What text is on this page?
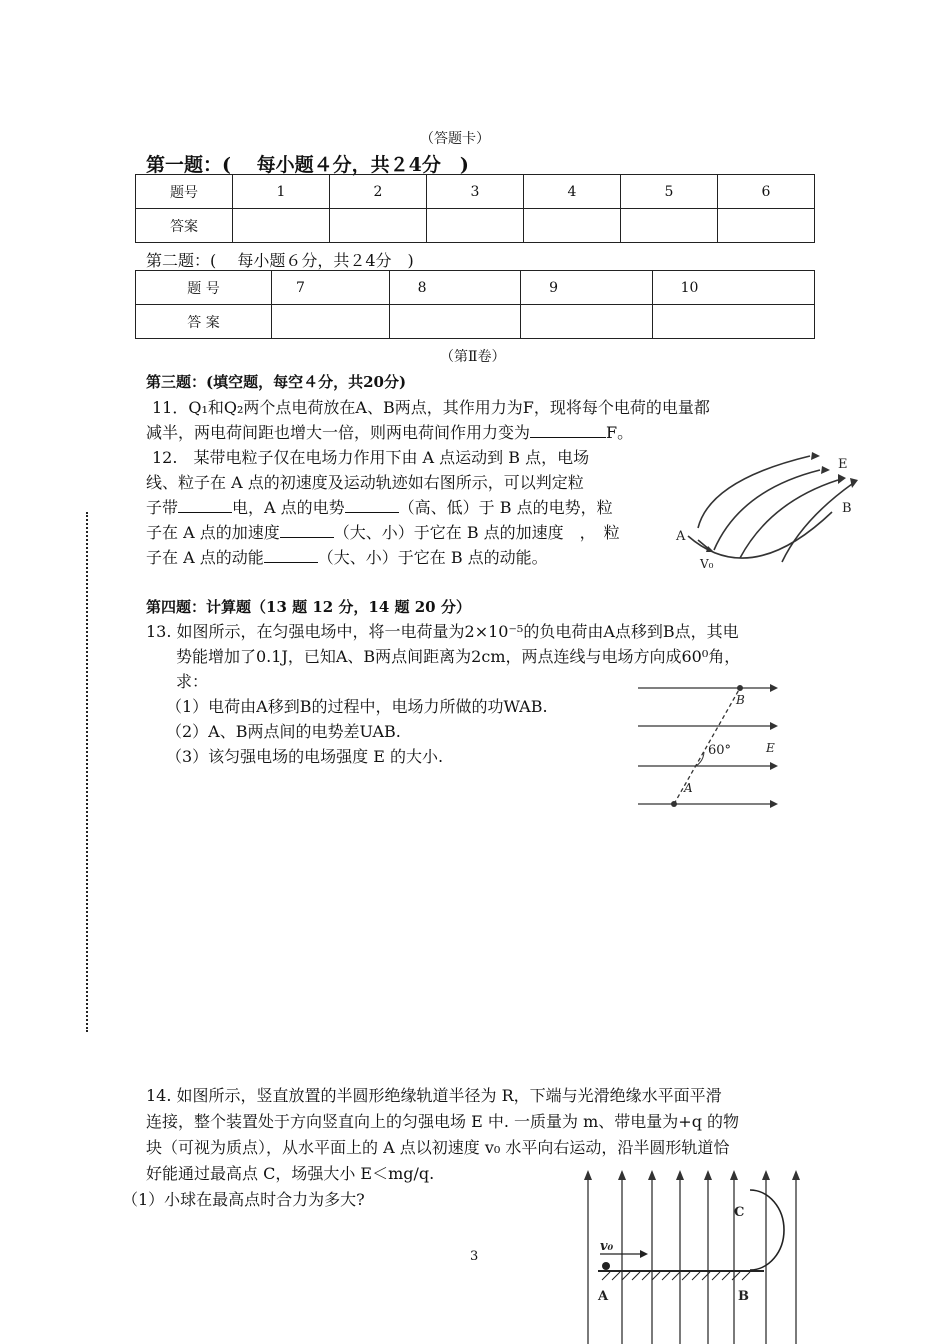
（答题卡）
第一题：(　 每小题４分，共２4分　)
题号	1	2	3	4	5	6
答案						
第二题：(　 每小题６分，共２4分　)
题 号	7	8	9	10
答 案				
（第Ⅱ卷）
第三题：(填空题，每空４分，共20分)
11．Q₁和Q₂两个点电荷放在A、B两点，其作用力为F，现将每个电荷的电量都
减半，两电荷间距也增大一倍，则两电荷间作用力变为	F。
12.　某带电粒子仅在电场力作用下由 A 点运动到 B 点，电场
线、粒子在 A 点的初速度及运动轨迹如右图所示，可以判定粒
子带	电，A 点的电势	（高、低）于 B 点的电势，粒
子在 A 点的加速度	（大、小）于它在 B 点的加速度　，　粒
子在 A 点的动能	（大、小）于它在 B 点的动能。
E
B
A
V₀
第四题：计算题（13 题 12 分，14 题 20 分）
13. 如图所示，在匀强电场中，将一电荷量为2×10⁻⁵的负电荷由A点移到B点，其电
势能增加了0.1J，已知A、B两点间距离为2cm，两点连线与电场方向成60⁰角，
求：
（1）电荷由A移到B的过程中，电场力所做的功WAB.
（2）A、B两点间的电势差UAB.
（3）该匀强电场的电场强度 E 的大小.
B
A
E
60°
14. 如图所示，竖直放置的半圆形绝缘轨道半径为 R，下端与光滑绝缘水平面平滑
连接，整个装置处于方向竖直向上的匀强电场 E 中. 一质量为 m、带电量为+q 的物
块（可视为质点），从水平面上的 A 点以初速度 v₀ 水平向右运动，沿半圆形轨道恰
好能通过最高点 C，场强大小 E＜mg/q.
（1）小球在最高点时合力为多大?
v₀
C
A	B
3
